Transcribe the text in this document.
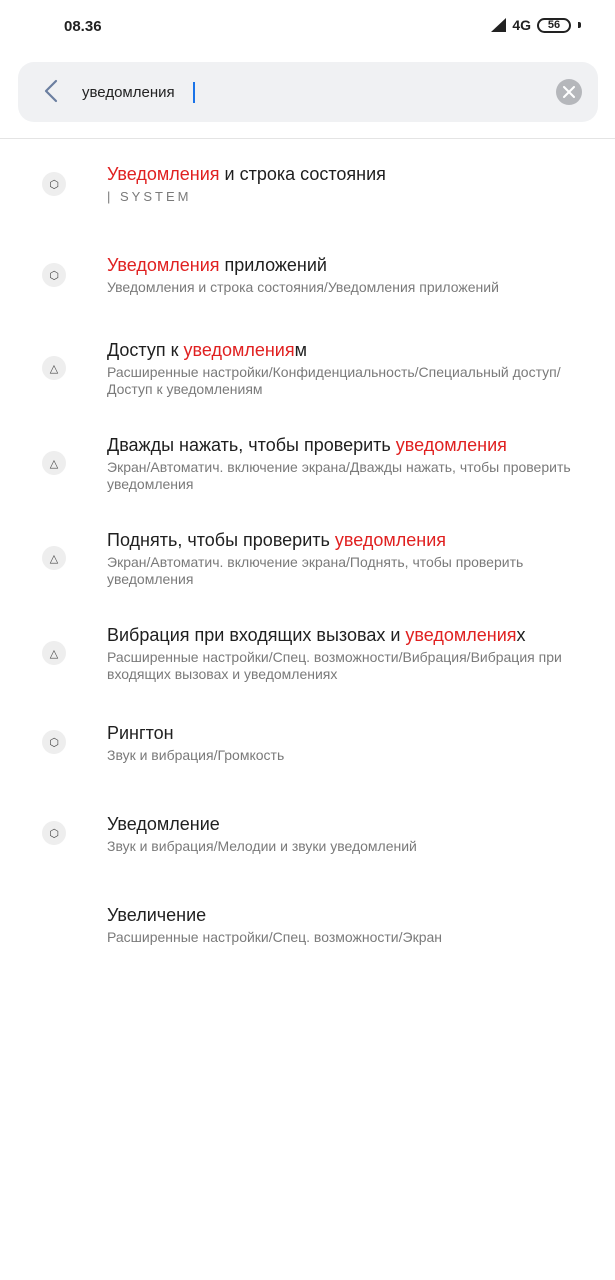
08.36	4G 56
уведомления
⬡
Уведомления и строка состояния
| SYSTEM
⬡
Уведомления приложений
Уведомления и строка состояния/Уведомления приложений
△
Доступ к уведомлениям
Расширенные настройки/Конфиденциальность/Специальный доступ/Доступ к уведомлениям
△
Дважды нажать, чтобы проверить уведомления
Экран/Автоматич. включение экрана/Дважды нажать, чтобы проверить уведомления
△
Поднять, чтобы проверить уведомления
Экран/Автоматич. включение экрана/Поднять, чтобы проверить уведомления
△
Вибрация при входящих вызовах и уведомлениях
Расширенные настройки/Спец. возможности/Вибрация/Вибрация при входящих вызовах и уведомлениях
⬡	Рингтон
Звук и вибрация/Громкость
⬡	Уведомление
Звук и вибрация/Мелодии и звуки уведомлений
Увеличение
Расширенные настройки/Спец. возможности/Экран
